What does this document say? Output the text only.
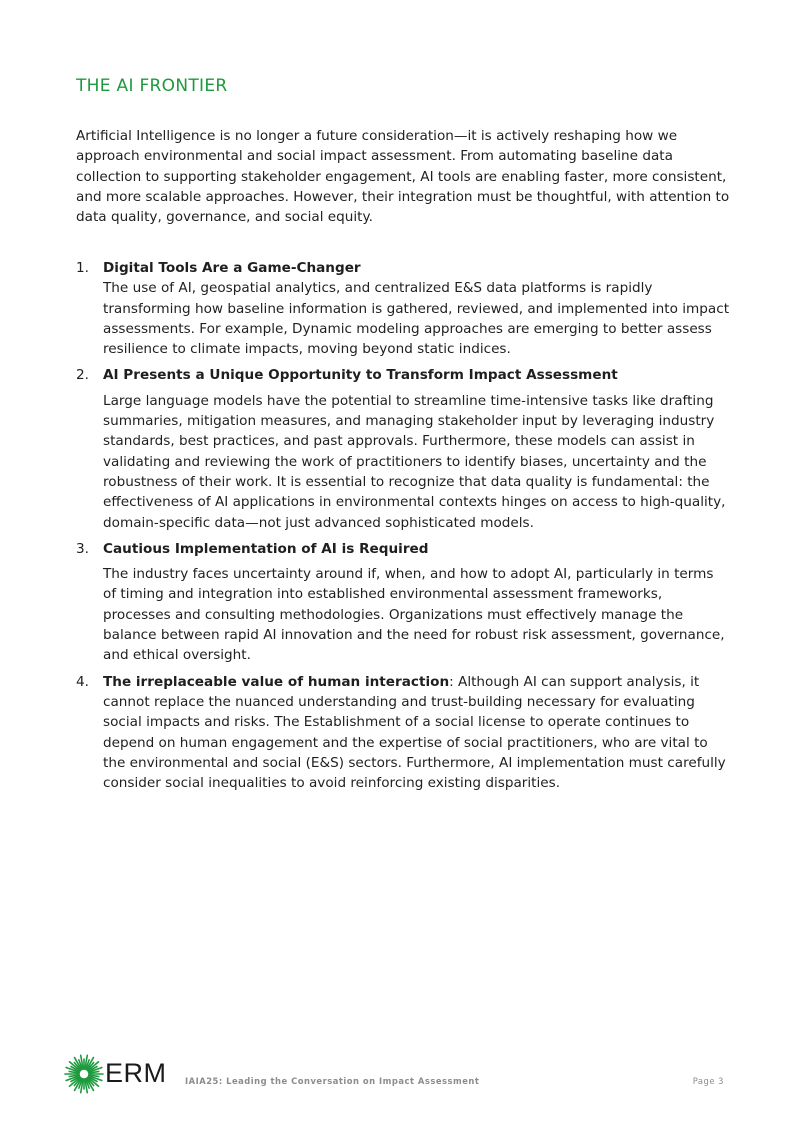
THE AI FRONTIER

Artificial Intelligence is no longer a future consideration—it is actively reshaping how we approach environmental and social impact assessment. From automating baseline data collection to supporting stakeholder engagement, AI tools are enabling faster, more consistent, and more scalable approaches. However, their integration must be thoughtful, with attention to data quality, governance, and social equity.

1. Digital Tools Are a Game-Changer
The use of AI, geospatial analytics, and centralized E&S data platforms is rapidly transforming how baseline information is gathered, reviewed, and implemented into impact assessments. For example, Dynamic modeling approaches are emerging to better assess resilience to climate impacts, moving beyond static indices.
2. AI Presents a Unique Opportunity to Transform Impact Assessment
Large language models have the potential to streamline time-intensive tasks like drafting summaries, mitigation measures, and managing stakeholder input by leveraging industry standards, best practices, and past approvals. Furthermore, these models can assist in validating and reviewing the work of practitioners to identify biases, uncertainty and the robustness of their work. It is essential to recognize that data quality is fundamental: the effectiveness of AI applications in environmental contexts hinges on access to high-quality, domain-specific data—not just advanced sophisticated models.
3. Cautious Implementation of AI is Required
The industry faces uncertainty around if, when, and how to adopt AI, particularly in terms of timing and integration into established environmental assessment frameworks, processes and consulting methodologies. Organizations must effectively manage the balance between rapid AI innovation and the need for robust risk assessment, governance, and ethical oversight.
4. The irreplaceable value of human interaction: Although AI can support analysis, it cannot replace the nuanced understanding and trust-building necessary for evaluating social impacts and risks. The Establishment of a social license to operate continues to depend on human engagement and the expertise of social practitioners, who are vital to the environmental and social (E&S) sectors. Furthermore, AI implementation must carefully consider social inequalities to avoid reinforcing existing disparities.
ERM IAIA25: Leading the Conversation on Impact Assessment	Page 3
